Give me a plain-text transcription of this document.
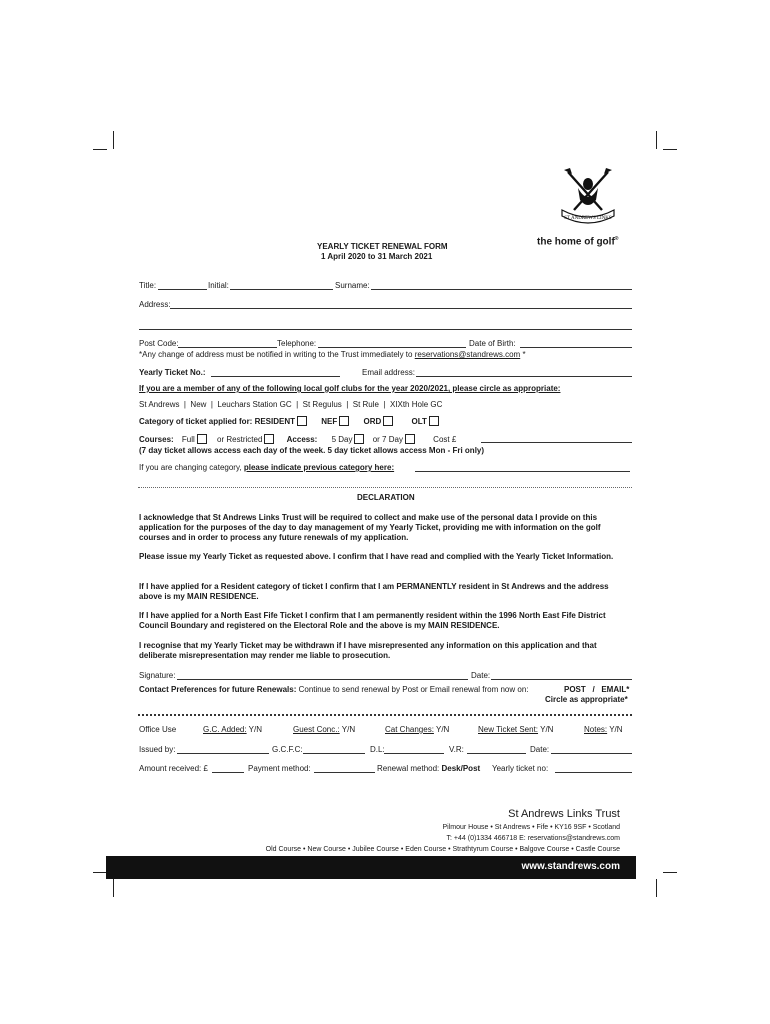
ST ANDREWS LINKS
the home of golf®
YEARLY TICKET RENEWAL FORM
1 April 2020 to 31 March 2021
Title:	Initial:	Surname:
Address:
Post Code:	Telephone:	Date of Birth:
*Any change of address must be notified in writing to the Trust immediately to reservations@standrews.com *
Yearly Ticket No.:	Email address:
If you are a member of any of the following local golf clubs for the year 2020/2021, please circle as appropriate:
St Andrews  |  New  |  Leuchars Station GC  |  St Regulus  |  St Rule  |  XIXth Hole GC
Category of ticket applied for: RESIDENT	NEF	ORD	OLT
Courses: Full	or Restricted	Access: 5 Day	or 7 Day	Cost £
(7 day ticket allows access each day of the week. 5 day ticket allows access Mon - Fri only)
If you are changing category, please indicate previous category here:
DECLARATION
I acknowledge that St Andrews Links Trust will be required to collect and make use of the personal data I provide on this application for the purposes of the day to day management of my Yearly Ticket, providing me with information on the golf courses and in order to process any future renewals of my application.
Please issue my Yearly Ticket as requested above. I confirm that I have read and complied with the Yearly Ticket Information.
If I have applied for a Resident category of ticket I confirm that I am PERMANENTLY resident in St Andrews and the address above is my MAIN RESIDENCE.
If I have applied for a North East Fife Ticket I confirm that I am permanently resident within the 1996 North East Fife District Council Boundary and registered on the Electoral Role and the above is my MAIN RESIDENCE.
I recognise that my Yearly Ticket may be withdrawn if I have misrepresented any information on this application and that deliberate misrepresentation may render me liable to prosecution.
Signature:	Date:
Contact Preferences for future Renewals: Continue to send renewal by Post or Email renewal from now on:	POST   /   EMAIL*
Circle as appropriate*
Office Use	G.C. Added: Y/N	Guest Conc.: Y/N	Cat Changes: Y/N	New Ticket Sent: Y/N	Notes: Y/N
Issued by:	G.C.F.C:	D.L:	V.R:	Date:
Amount received: £	Payment method:	Renewal method: Desk/Post Yearly ticket no:
St Andrews Links Trust
Pilmour House • St Andrews • Fife • KY16 9SF • Scotland
T: +44 (0)1334 466718 E: reservations@standrews.com
Old Course • New Course • Jubilee Course • Eden Course • Strathtyrum Course • Balgove Course • Castle Course
www.standrews.com
